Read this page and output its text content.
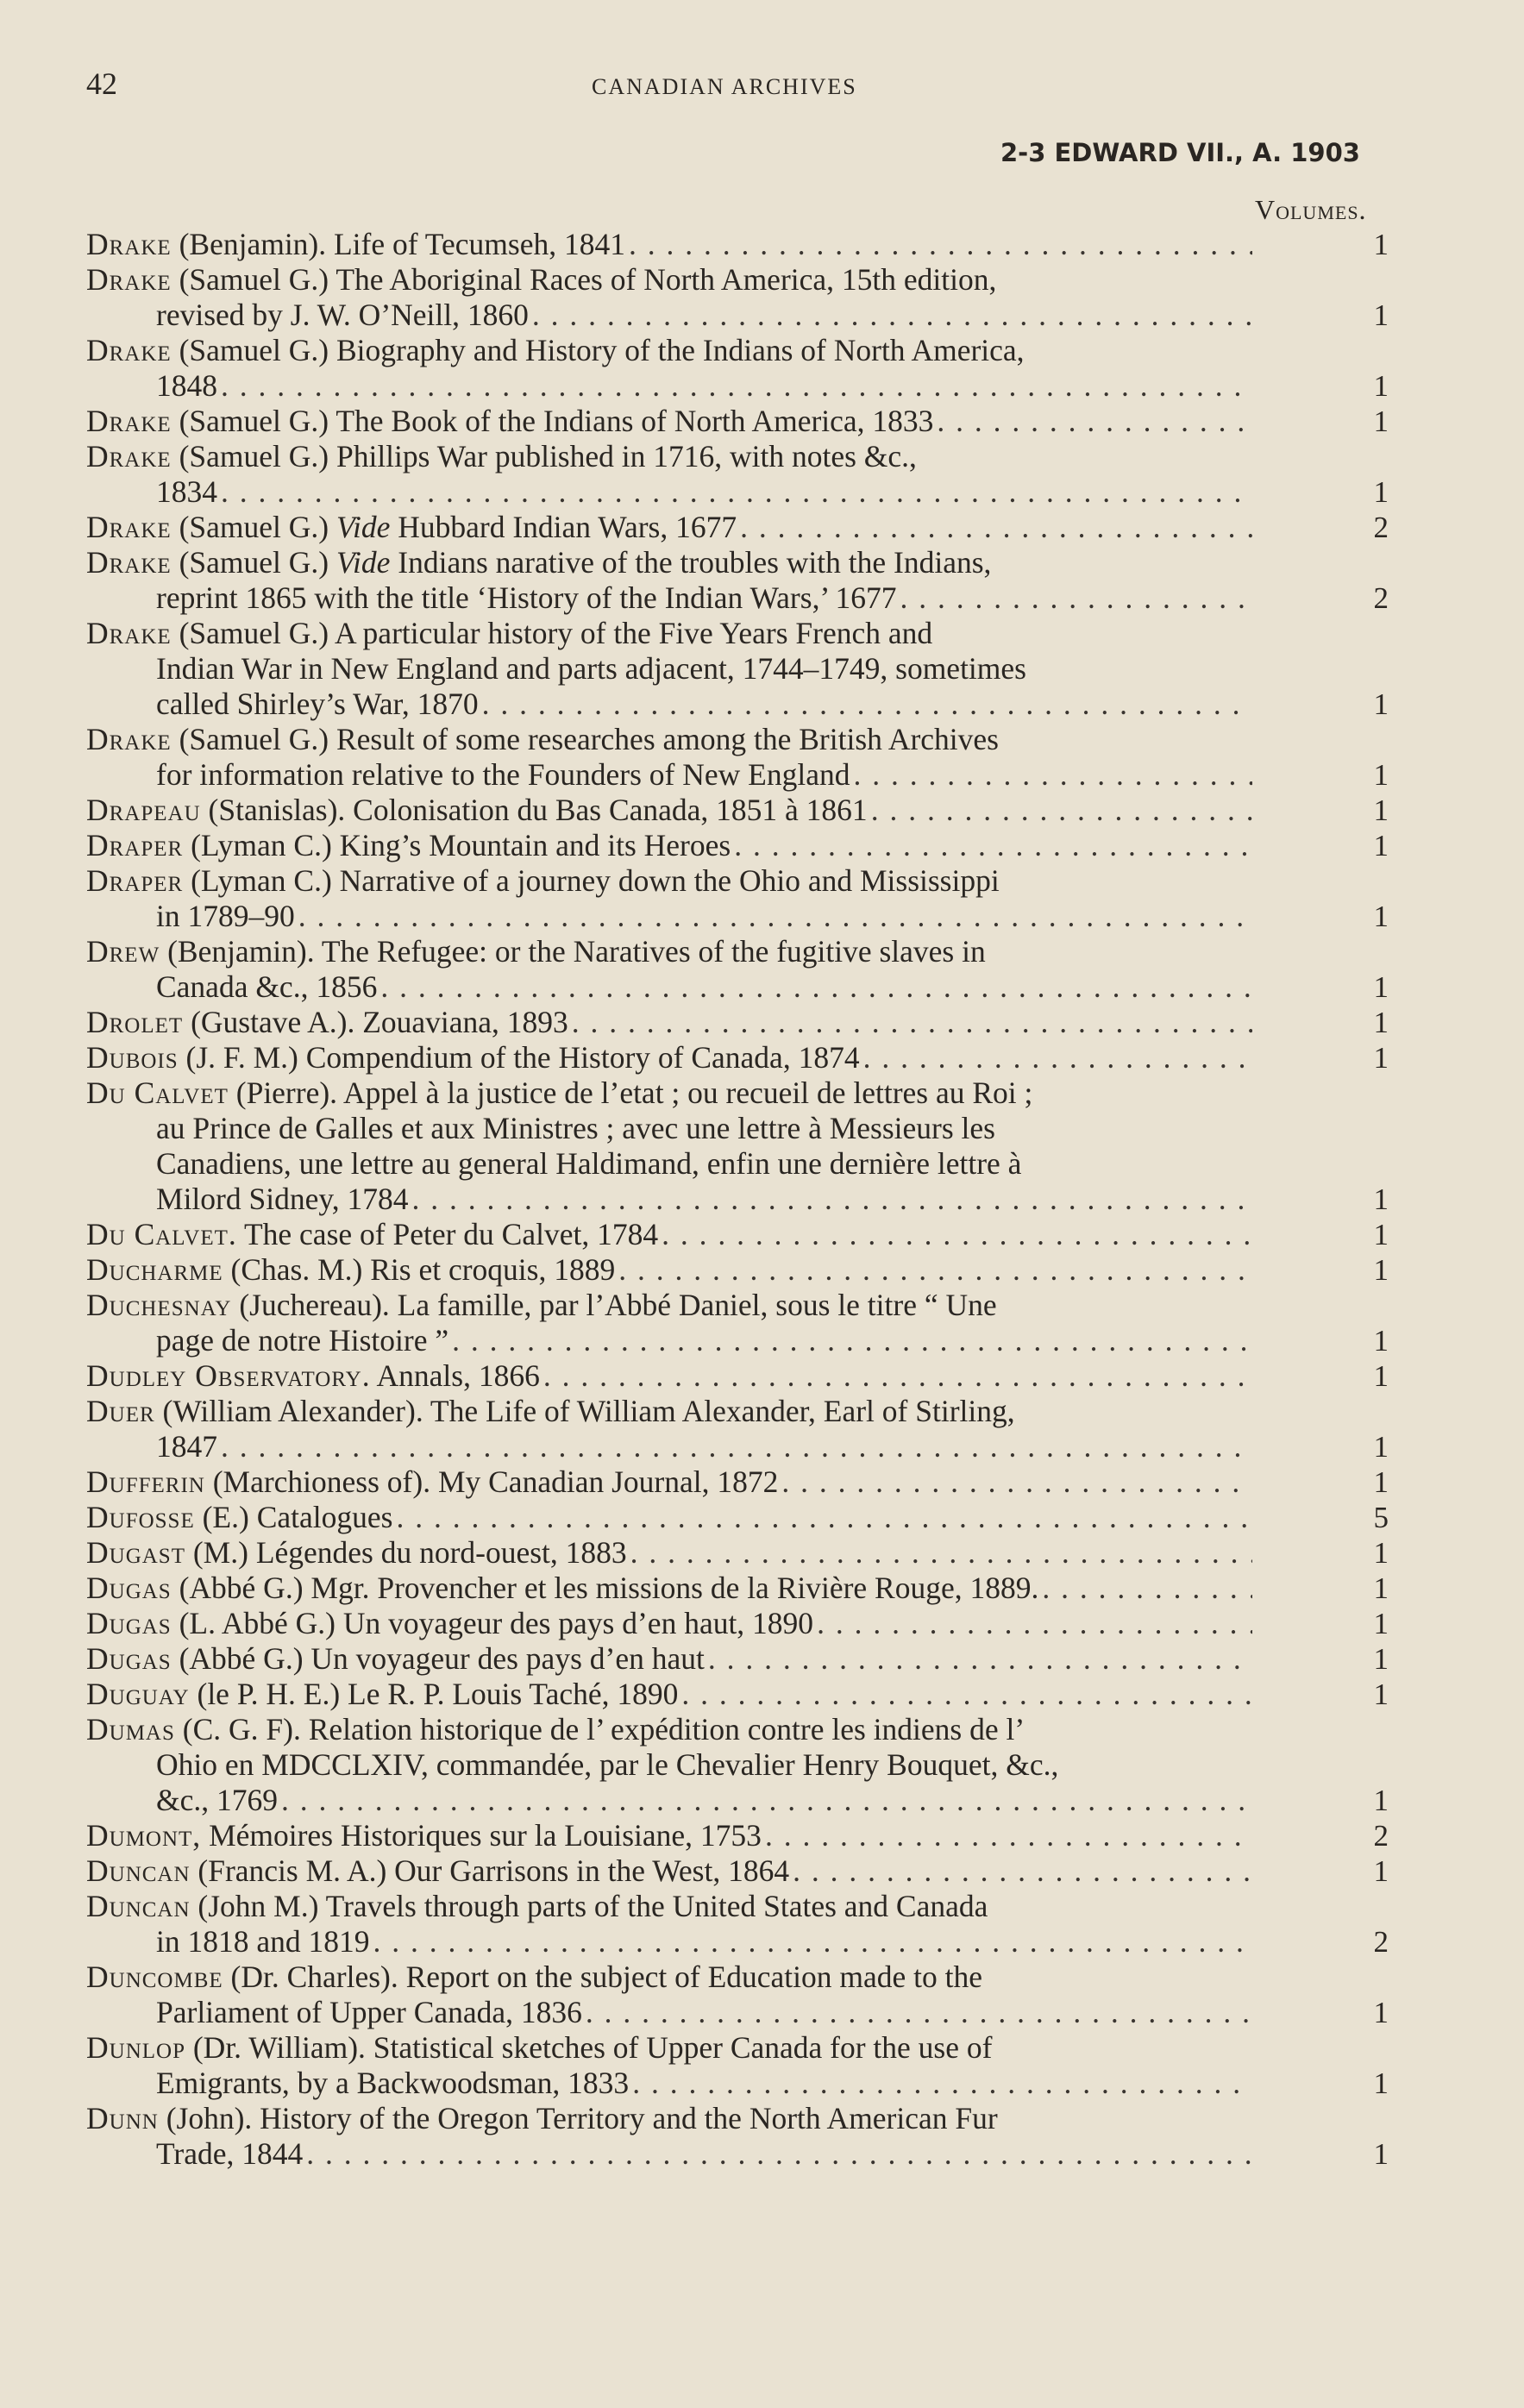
42	CANADIAN ARCHIVES
2-3 EDWARD VII., A. 1903
Volumes.
Drake (Benjamin). Life of Tecumseh, 1841 . . .	1
Drake (Samuel G.) The Aboriginal Races of North America, 15th edition,
revised by J. W. O’Neill, 1860 . . .	1
Drake (Samuel G.) Biography and History of the Indians of North America,
1848 . . .	1
Drake (Samuel G.) The Book of the Indians of North America, 1833 . . .	1
Drake (Samuel G.) Phillips War published in 1716, with notes &c.,
1834 . . .	1
Drake (Samuel G.) Vide Hubbard Indian Wars, 1677 . . .	2
Drake (Samuel G.) Vide Indians narative of the troubles with the Indians,
reprint 1865 with the title ‘History of the Indian Wars,’ 1677 . . .	2
Drake (Samuel G.) A particular history of the Five Years French and
Indian War in New England and parts adjacent, 1744–1749, sometimes
called Shirley’s War, 1870 . . .	1
Drake (Samuel G.) Result of some researches among the British Archives
for information relative to the Founders of New England . . .	1
Drapeau (Stanislas). Colonisation du Bas Canada, 1851 à 1861 . . .	1
Draper (Lyman C.) King’s Mountain and its Heroes . . .	1
Draper (Lyman C.) Narrative of a journey down the Ohio and Mississippi
in 1789–90 . . .	1
Drew (Benjamin). The Refugee: or the Naratives of the fugitive slaves in
Canada &c., 1856 . . .	1
Drolet (Gustave A.). Zouaviana, 1893 . . .	1
Dubois (J. F. M.) Compendium of the History of Canada, 1874 . . .	1
Du Calvet (Pierre). Appel à la justice de l’etat ; ou recueil de lettres au Roi ;
au Prince de Galles et aux Ministres ; avec une lettre à Messieurs les
Canadiens, une lettre au general Haldimand, enfin une dernière lettre à
Milord Sidney, 1784 . . .	1
Du Calvet. The case of Peter du Calvet, 1784 . . .	1
Ducharme (Chas. M.) Ris et croquis, 1889 . . .	1
Duchesnay (Juchereau). La famille, par l’Abbé Daniel, sous le titre “ Une
page de notre Histoire ” . . .	1
Dudley Observatory. Annals, 1866 . . .	1
Duer (William Alexander). The Life of William Alexander, Earl of Stirling,
1847 . . .	1
Dufferin (Marchioness of). My Canadian Journal, 1872 . . .	1
Dufosse (E.) Catalogues . . .	5
Dugast (M.) Légendes du nord-ouest, 1883 . . .	1
Dugas (Abbé G.) Mgr. Provencher et les missions de la Rivière Rouge, 1889. . . .	1
Dugas (L. Abbé G.) Un voyageur des pays d’en haut, 1890 . . .	1
Dugas (Abbé G.) Un voyageur des pays d’en haut . . .	1
Duguay (le P. H. E.) Le R. P. Louis Taché, 1890 . . .	1
Dumas (C. G. F). Relation historique de l’ expédition contre les indiens de l’
Ohio en MDCCLXIV, commandée, par le Chevalier Henry Bouquet, &c.,
&c., 1769 . . .	1
Dumont, Mémoires Historiques sur la Louisiane, 1753 . . .	2
Duncan (Francis M. A.) Our Garrisons in the West, 1864 . . .	1
Duncan (John M.) Travels through parts of the United States and Canada
in 1818 and 1819 . . .	2
Duncombe (Dr. Charles). Report on the subject of Education made to the
Parliament of Upper Canada, 1836 . . .	1
Dunlop (Dr. William). Statistical sketches of Upper Canada for the use of
Emigrants, by a Backwoodsman, 1833 . . .	1
Dunn (John). History of the Oregon Territory and the North American Fur
Trade, 1844 . . .	1
